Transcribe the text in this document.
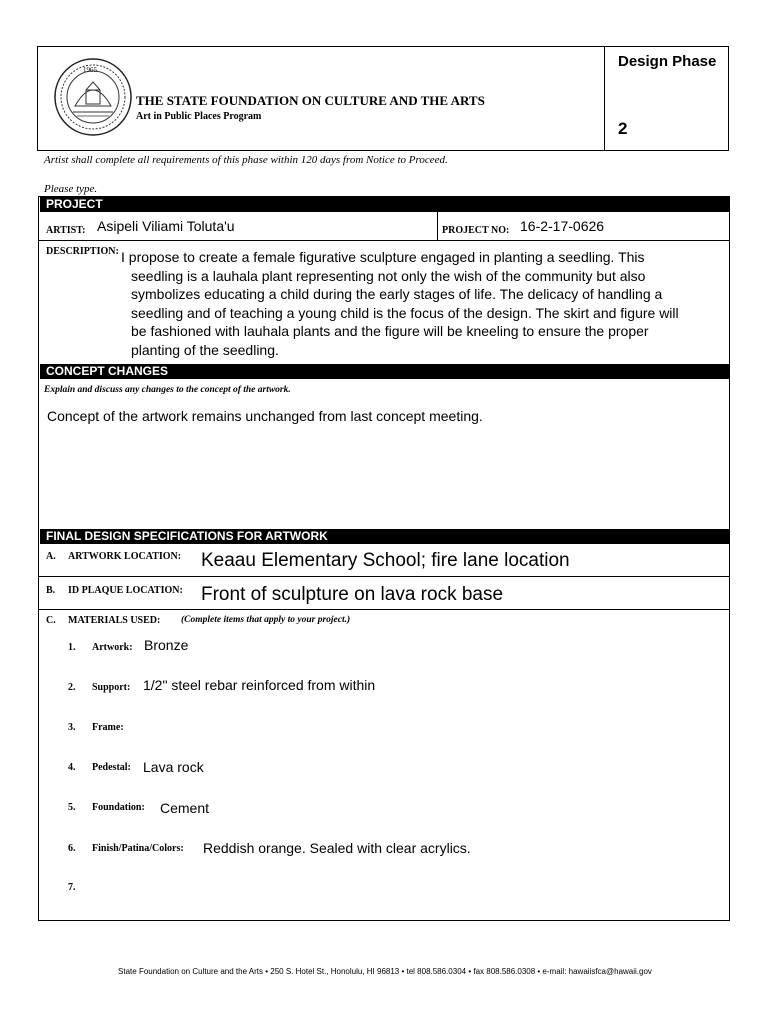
1965
THE STATE FOUNDATION ON CULTURE AND THE ARTS
Art in Public Places Program
Design Phase
2
Artist shall complete all requirements of this phase within 120 days from Notice to Proceed.
Please type.
PROJECT
ARTIST: Asipeli Viliami Toluta'u	PROJECT NO: 16-2-17-0626
DESCRIPTION: I propose to create a female figurative sculpture engaged in planting a seedling. This
seedling is a lauhala plant representing not only the wish of the community but also
symbolizes educating a child during the early stages of life. The delicacy of handling a
seedling and of teaching a young child is the focus of the design. The skirt and figure will
be fashioned with lauhala plants and the figure will be kneeling to ensure the proper
planting of the seedling.
CONCEPT CHANGES
Explain and discuss any changes to the concept of the artwork.
Concept of the artwork remains unchanged from last concept meeting.
FINAL DESIGN SPECIFICATIONS FOR ARTWORK
A. ARTWORK LOCATION: Keaau Elementary School; fire lane location
B. ID PLAQUE LOCATION: Front of sculpture on lava rock base
C. MATERIALS USED: (Complete items that apply to your project.)
1. Artwork: Bronze
2. Support: 1/2" steel rebar reinforced from within
3. Frame:
4. Pedestal: Lava rock
5. Foundation: Cement
6. Finish/Patina/Colors: Reddish orange. Sealed with clear acrylics.
7.
State Foundation on Culture and the Arts • 250 S. Hotel St., Honolulu, HI 96813 • tel 808.586.0304 • fax 808.586.0308 • e-mail: hawaiisfca@hawaii.gov
